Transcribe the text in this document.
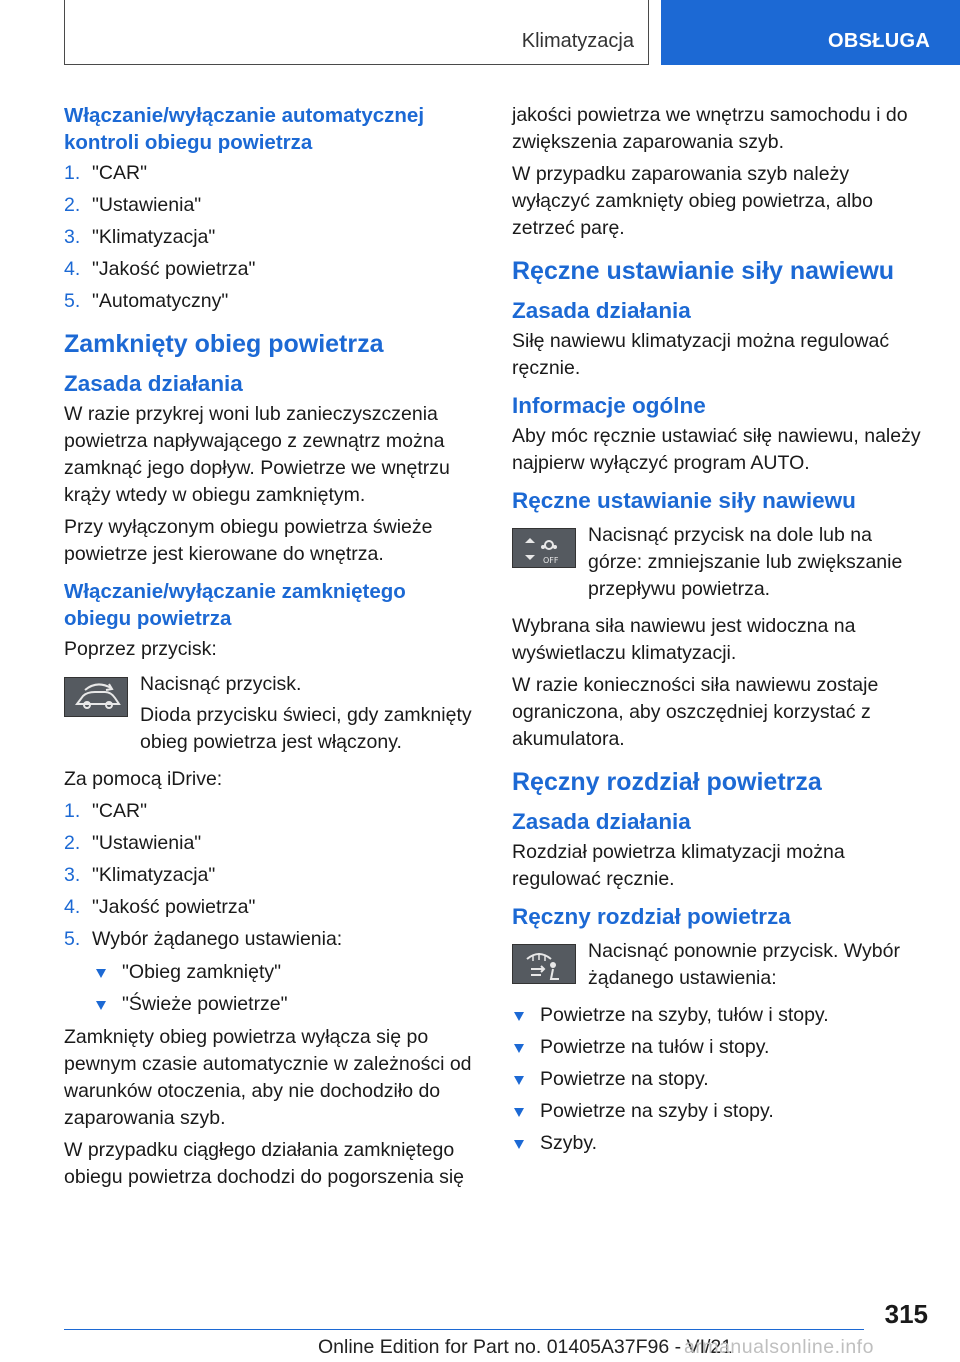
Klimatyzacja	OBSŁUGA
Włączanie/wyłączanie automatycznej kontroli obiegu powietrza
1. "CAR"
2. "Ustawienia"
3. "Klimatyzacja"
4. "Jakość powietrza"
5. "Automatyczny"
Zamknięty obieg powietrza
Zasada działania

W razie przykrej woni lub zanieczyszczenia powietrza napływającego z zewnątrz można zamknąć jego dopływ. Powietrze we wnętrzu krąży wtedy w obiegu zamkniętym.

Przy wyłączonym obiegu powietrza świeże powietrze jest kierowane do wnętrza.

Włączanie/wyłączanie zamkniętego obiegu powietrza

Poprzez przycisk:

Nacisnąć przycisk.

Dioda przycisku świeci, gdy zamknięty obieg powietrza jest włączony.

Za pomocą iDrive:

1. "CAR"
2. "Ustawienia"
3. "Klimatyzacja"
4. "Jakość powietrza"
5. Wybór żądanego ustawienia:
"Obieg zamknięty"
"Świeże powietrze"

Zamknięty obieg powietrza wyłącza się po pewnym czasie automatycznie w zależności od warunków otoczenia, aby nie dochodziło do zaparowania szyb.

W przypadku ciągłego działania zamkniętego obiegu powietrza dochodzi do pogorszenia się

jakości powietrza we wnętrzu samochodu i do zwiększenia zaparowania szyb.

W przypadku zaparowania szyb należy wyłączyć zamknięty obieg powietrza, albo zetrzeć parę.

Ręczne ustawianie siły nawiewu
Zasada działania

Siłę nawiewu klimatyzacji można regulować ręcznie.

Informacje ogólne

Aby móc ręcznie ustawiać siłę nawiewu, należy najpierw wyłączyć program AUTO.

Ręczne ustawianie siły nawiewu
OFF

Nacisnąć przycisk na dole lub na górze: zmniejszanie lub zwiększanie przepływu powietrza.

Wybrana siła nawiewu jest widoczna na wyświetlaczu klimatyzacji.

W razie konieczności siła nawiewu zostaje ograniczona, aby oszczędniej korzystać z akumulatora.

Ręczny rozdział powietrza
Zasada działania

Rozdział powietrza klimatyzacji można regulować ręcznie.

Ręczny rozdział powietrza

Nacisnąć ponownie przycisk. Wybór żądanego ustawienia:

Powietrze na szyby, tułów i stopy.
Powietrze na tułów i stopy.
Powietrze na stopy.
Powietrze na szyby i stopy.
Szyby.
315
Online Edition for Part no. 01405A37F96 - VI/21
armanualsonline.info
